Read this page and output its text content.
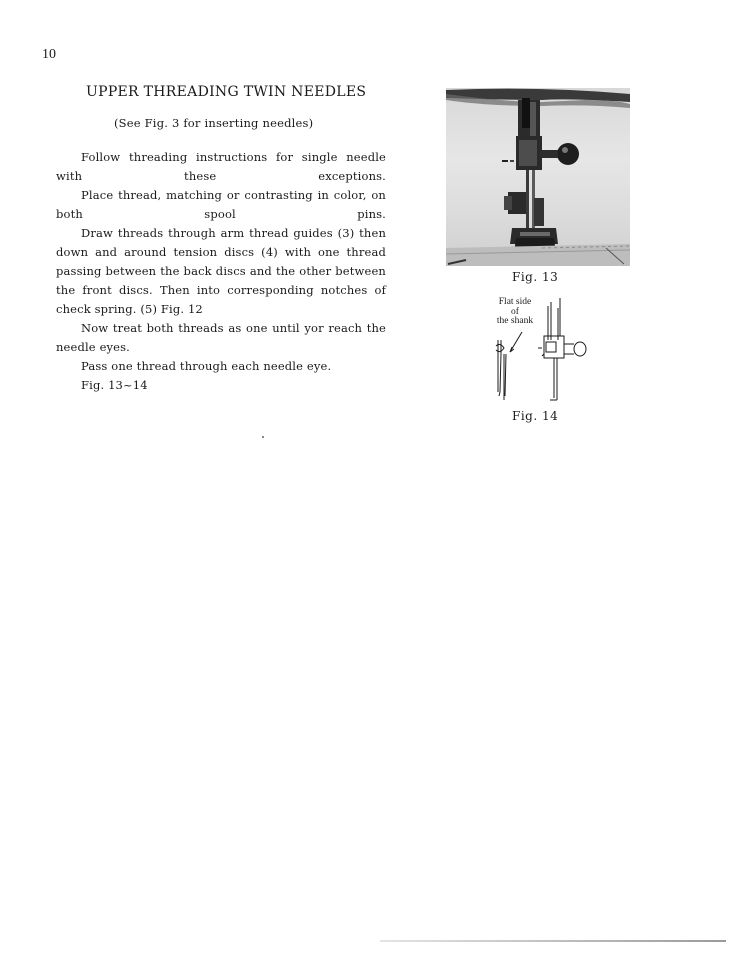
10
UPPER THREADING TWIN NEEDLES
(See Fig. 3 for inserting needles)

Follow threading instructions for single needle with these exceptions.

Place thread, matching or contrasting in color, on both spool pins.

Draw threads through arm thread guides (3) then down and around tension discs (4) with one thread passing between the back discs and the other between the front discs. Then into corresponding notches of check spring. (5) Fig. 12

Now treat both threads as one until yor reach the needle eyes.

Pass one thread through each needle eye.

Fig. 13~14

Fig. 13
Flat side
of
the shank
Fig. 14
